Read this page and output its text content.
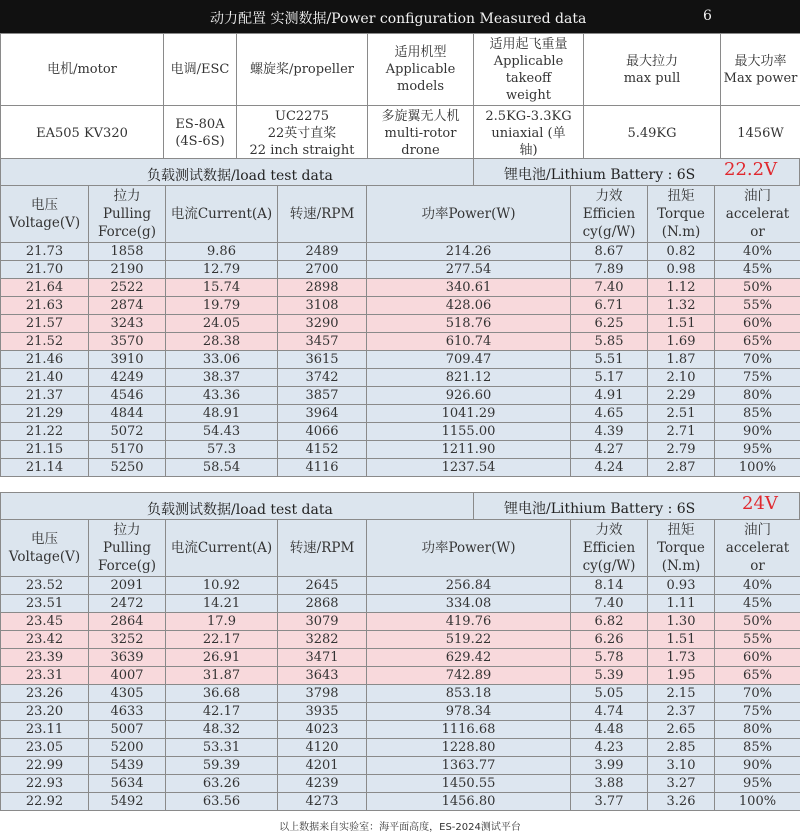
动力配置 实测数据/Power configuration Measured data	6
电机/motor	电调/ESC	螺旋桨/propeller	适用机型
Applicable
models	适用起飞重量
Applicable
takeoff
weight	最大拉力
max pull	最大功率
Max power
EA505 KV320	ES-80A
(4S-6S)	UC2275
22英寸直桨
22 inch straight	多旋翼无人机
multi-rotor
drone	2.5KG-3.3KG
uniaxial (单
轴)	5.49KG	1456W
负载测试数据/load test data	锂电池/Lithium Battery : 6S 22.2V
电压
Voltage(V)	拉力
Pulling
Force(g)	电流Current(A)	转速/RPM	功率Power(W)	力效
Efficien
cy(g/W)	扭矩
Torque
(N.m)	油门
accelerat
or
21.73	1858	9.86	2489	214.26	8.67	0.82	40%
21.70	2190	12.79	2700	277.54	7.89	0.98	45%
21.64	2522	15.74	2898	340.61	7.40	1.12	50%
21.63	2874	19.79	3108	428.06	6.71	1.32	55%
21.57	3243	24.05	3290	518.76	6.25	1.51	60%
21.52	3570	28.38	3457	610.74	5.85	1.69	65%
21.46	3910	33.06	3615	709.47	5.51	1.87	70%
21.40	4249	38.37	3742	821.12	5.17	2.10	75%
21.37	4546	43.36	3857	926.60	4.91	2.29	80%
21.29	4844	48.91	3964	1041.29	4.65	2.51	85%
21.22	5072	54.43	4066	1155.00	4.39	2.71	90%
21.15	5170	57.3	4152	1211.90	4.27	2.79	95%
21.14	5250	58.54	4116	1237.54	4.24	2.87	100%
负载测试数据/load test data	锂电池/Lithium Battery : 6S	24V
电压
Voltage(V)	拉力
Pulling
Force(g)	电流Current(A)	转速/RPM	功率Power(W)	力效
Efficien
cy(g/W)	扭矩
Torque
(N.m)	油门
accelerat
or
23.52	2091	10.92	2645	256.84	8.14	0.93	40%
23.51	2472	14.21	2868	334.08	7.40	1.11	45%
23.45	2864	17.9	3079	419.76	6.82	1.30	50%
23.42	3252	22.17	3282	519.22	6.26	1.51	55%
23.39	3639	26.91	3471	629.42	5.78	1.73	60%
23.31	4007	31.87	3643	742.89	5.39	1.95	65%
23.26	4305	36.68	3798	853.18	5.05	2.15	70%
23.20	4633	42.17	3935	978.34	4.74	2.37	75%
23.11	5007	48.32	4023	1116.68	4.48	2.65	80%
23.05	5200	53.31	4120	1228.80	4.23	2.85	85%
22.99	5439	59.39	4201	1363.77	3.99	3.10	90%
22.93	5634	63.26	4239	1450.55	3.88	3.27	95%
22.92	5492	63.56	4273	1456.80	3.77	3.26	100%
以上数据来自实验室：海平面高度，ES-2024测试平台
